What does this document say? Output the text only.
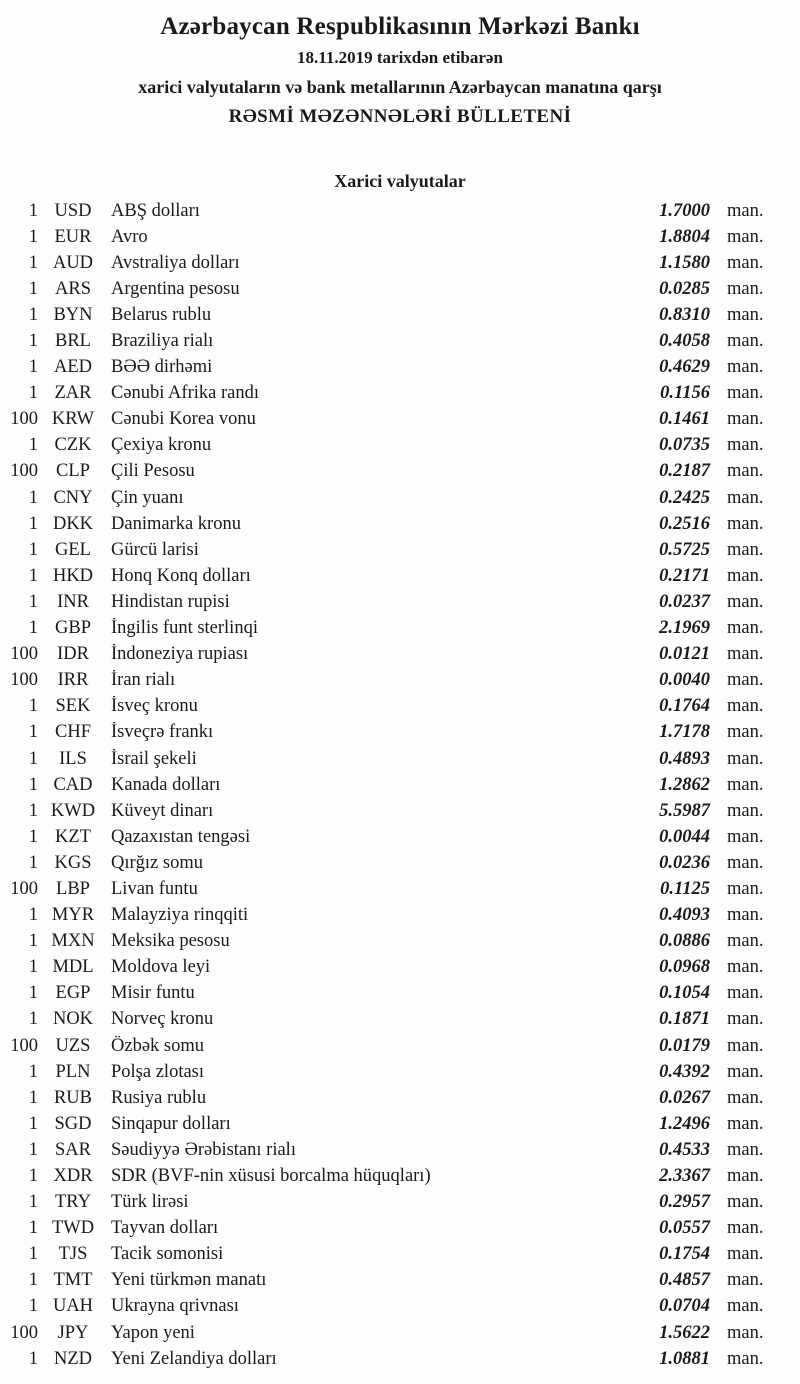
Azərbaycan Respublikasının Mərkəzi Bankı
18.11.2019 tarixdən etibarən
xarici valyutaların və bank metallarının Azərbaycan manatına qarşı
RƏSMİ MƏZƏNNƏLƏRİ BÜLLETENİ
Xarici valyutalar
1 USD	ABŞ dolları	1.7000 man.
1 EUR	Avro	1.8804 man.
1 AUD Avstraliya dolları	1.1580 man.
1 ARS	Argentina pesosu	0.0285 man.
1 BYN Belarus rublu	0.8310 man.
1 BRL	Braziliya rialı	0.4058 man.
1 AED	BƏƏ dirhəmi	0.4629 man.
1 ZAR	Cənubi Afrika randı	0.1156 man.
100 KRW Cənubi Korea vonu	0.1461 man.
1 CZK	Çexiya kronu	0.0735 man.
100 CLP	Çili Pesosu	0.2187 man.
1 CNY Çin yuanı	0.2425 man.
1 DKK Danimarka kronu	0.2516 man.
1 GEL	Gürcü larisi	0.5725 man.
1 HKD Honq Konq dolları	0.2171 man.
1	INR	Hindistan rupisi	0.0237 man.
1 GBP	İngilis funt sterlinqi	2.1969 man.
100	IDR	İndoneziya rupiası	0.0121 man.
100	IRR	İran rialı	0.0040 man.
1 SEK	İsveç kronu	0.1764 man.
1 CHF	İsveçrə frankı	1.7178 man.
1	ILS	İsrail şekeli	0.4893 man.
1 CAD Kanada dolları	1.2862 man.
1 KWD Küveyt dinarı	5.5987 man.
1 KZT	Qazaxıstan tengəsi	0.0044 man.
1 KGS	Qırğız somu	0.0236 man.
100 LBP	Livan funtu	0.1125 man.
1 MYR Malayziya rinqqiti	0.4093 man.
1 MXN Meksika pesosu	0.0886 man.
1 MDL Moldova leyi	0.0968 man.
1 EGP	Misir funtu	0.1054 man.
1 NOK Norveç kronu	0.1871 man.
100 UZS	Özbək somu	0.0179 man.
1 PLN	Polşa zlotası	0.4392 man.
1 RUB	Rusiya rublu	0.0267 man.
1 SGD	Sinqapur dolları	1.2496 man.
1 SAR	Səudiyyə Ərəbistanı rialı	0.4533 man.
1 XDR SDR (BVF-nin xüsusi borcalma hüquqları)	2.3367 man.
1 TRY	Türk lirəsi	0.2957 man.
1 TWD Tayvan dolları	0.0557 man.
1	TJS	Tacik somonisi	0.1754 man.
1 TMT Yeni türkmən manatı	0.4857 man.
1 UAH Ukrayna qrivnası	0.0704 man.
100	JPY	Yapon yeni	1.5622 man.
1 NZD	Yeni Zelandiya dolları	1.0881 man.
